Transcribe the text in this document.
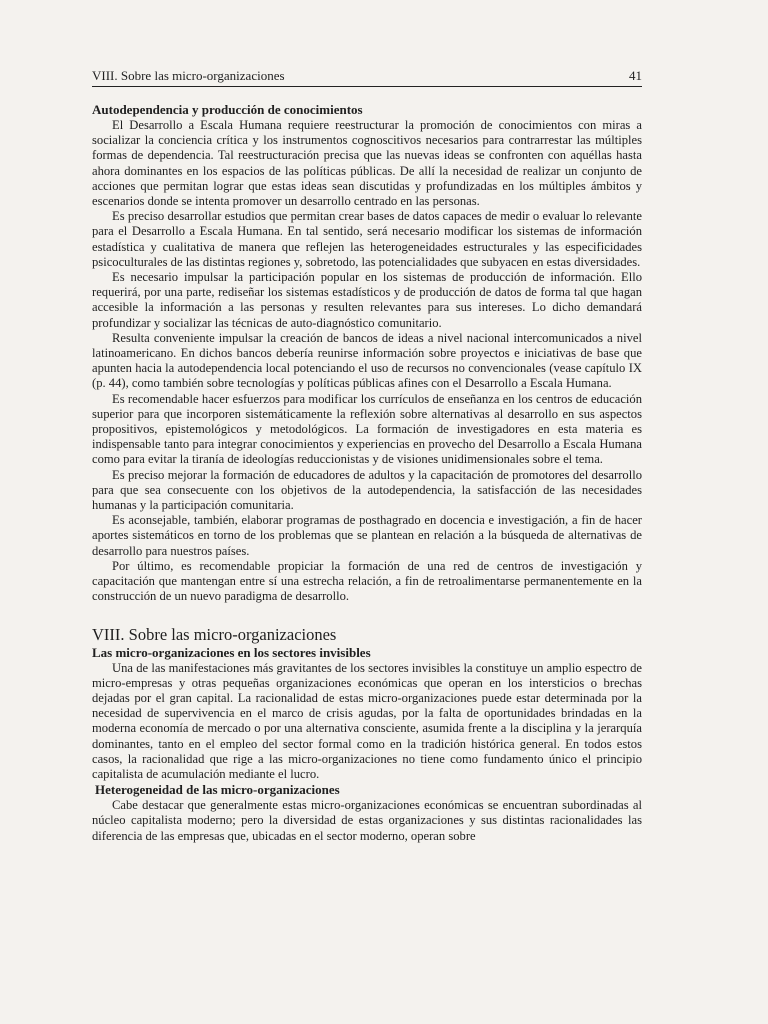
VIII. Sobre las micro-organizaciones	41
Autodependencia y producción de conocimientos

El Desarrollo a Escala Humana requiere reestructurar la promoción de conocimientos con miras a socializar la conciencia crítica y los instrumentos cognoscitivos necesarios para contrarrestar las múltiples formas de dependencia. Tal reestructuración precisa que las nuevas ideas se confronten con aquéllas hasta ahora dominantes en los espacios de las políticas públicas. De allí la necesidad de realizar un conjunto de acciones que permitan lograr que estas ideas sean discutidas y profundizadas en los múltiples ámbitos y escenarios donde se intenta promover un desarrollo centrado en las personas.

Es preciso desarrollar estudios que permitan crear bases de datos capaces de medir o evaluar lo relevante para el Desarrollo a Escala Humana. En tal sentido, será necesario modificar los sistemas de información estadística y cualitativa de manera que reflejen las heterogeneidades estructurales y las especificidades psicoculturales de las distintas regiones y, sobretodo, las potencialidades que subyacen en estas diversidades.

Es necesario impulsar la participación popular en los sistemas de producción de información. Ello requerirá, por una parte, rediseñar los sistemas estadísticos y de producción de datos de forma tal que hagan accesible la información a las personas y resulten relevantes para sus intereses. Lo dicho demandará profundizar y socializar las técnicas de auto-diagnóstico comunitario.

Resulta conveniente impulsar la creación de bancos de ideas a nivel nacional intercomunicados a nivel latinoamericano. En dichos bancos debería reunirse información sobre proyectos e iniciativas de base que apunten hacia la autodependencia local potenciando el uso de recursos no convencionales (vease capítulo IX (p. 44), como también sobre tecnologías y políticas públicas afines con el Desarrollo a Escala Humana.

Es recomendable hacer esfuerzos para modificar los currículos de enseñanza en los centros de educación superior para que incorporen sistemáticamente la reflexión sobre alternativas al desarrollo en sus aspectos propositivos, epistemológicos y metodológicos. La formación de investigadores en esta materia es indispensable tanto para integrar conocimientos y experiencias en provecho del Desarrollo a Escala Humana como para evitar la tiranía de ideologías reduccionistas y de visiones unidimensionales sobre el tema.

Es preciso mejorar la formación de educadores de adultos y la capacitación de promotores del desarrollo para que sea consecuente con los objetivos de la autodependencia, la satisfacción de las necesidades humanas y la participación comunitaria.

Es aconsejable, también, elaborar programas de posthagrado en docencia e investigación, a fin de hacer aportes sistemáticos en torno de los problemas que se plantean en relación a la búsqueda de alternativas de desarrollo para nuestros países.

Por último, es recomendable propiciar la formación de una red de centros de investigación y capacitación que mantengan entre sí una estrecha relación, a fin de retroalimentarse permanentemente en la construcción de un nuevo paradigma de desarrollo.

VIII. Sobre las micro-organizaciones
Las micro-organizaciones en los sectores invisibles

Una de las manifestaciones más gravitantes de los sectores invisibles la constituye un amplio espectro de micro-empresas y otras pequeñas organizaciones económicas que operan en los intersticios o brechas dejadas por el gran capital. La racionalidad de estas micro-organizaciones puede estar determinada por la necesidad de supervivencia en el marco de crisis agudas, por la falta de oportunidades brindadas en la moderna economía de mercado o por una alternativa consciente, asumida frente a la disciplina y la jerarquía dominantes, tanto en el empleo del sector formal como en la tradición histórica general. En todos estos casos, la racionalidad que rige a las micro-organizaciones no tiene como fundamento único el principio capitalista de acumulación mediante el lucro.

Heterogeneidad de las micro-organizaciones

Cabe destacar que generalmente estas micro-organizaciones económicas se encuentran subordinadas al núcleo capitalista moderno; pero la diversidad de estas organizaciones y sus distintas racionalidades las diferencia de las empresas que, ubicadas en el sector moderno, operan sobre
